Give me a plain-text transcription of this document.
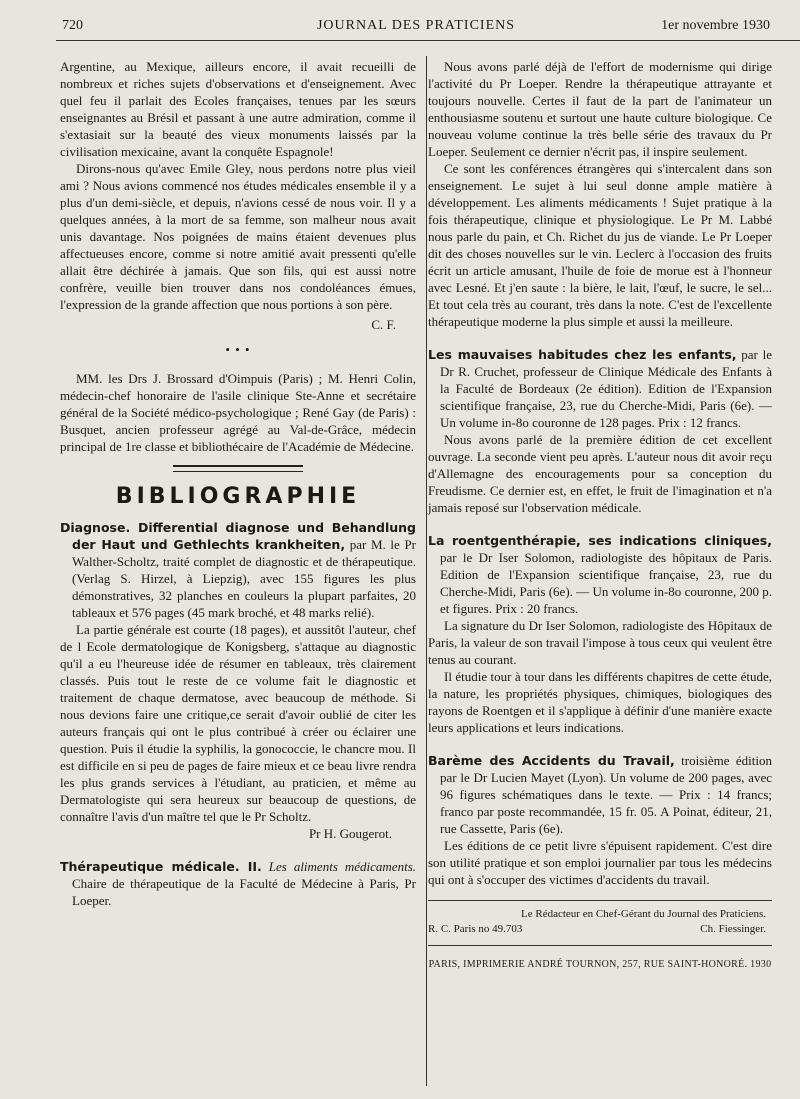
720	JOURNAL DES PRATICIENS	1er novembre 1930

Argentine, au Mexique, ailleurs encore, il avait recueilli de nombreux et riches sujets d'observations et d'enseignement. Avec quel feu il parlait des Ecoles françaises, tenues par les sœurs enseignantes au Brésil et passant à une autre admiration, comme il s'extasiait sur la beauté des vieux monuments laissés par la civilisation mexicaine, avant la conquête Espagnole!

Dirons-nous qu'avec Emile Gley, nous perdons notre plus vieil ami ? Nous avions commencé nos études médicales ensemble il y a plus d'un demi-siècle, et depuis, n'avions cessé de nous voir. Il y a quelques années, à la mort de sa femme, son malheur nous avait unis davantage. Nos poignées de mains étaient devenues plus affectueuses encore, comme si notre amitié avait pressenti qu'elle allait être déchirée à jamais. Que son fils, qui est aussi notre confrère, veuille bien trouver dans nos condoléances émues, l'expression de la grande affection que nous portions à son père.

C. F.

• • •

MM. les Drs J. Brossard d'Oimpuis (Paris) ; M. Henri Colin, médecin-chef honoraire de l'asile clinique Ste-Anne et secrétaire général de la Société médico-psychologique ; René Gay (de Paris) : Busquet, ancien professeur agrégé au Val-de-Grâce, médecin principal de 1re classe et bibliothécaire de l'Académie de Médecine.

BIBLIOGRAPHIE

Diagnose. Differential diagnose und Behandlung der Haut und Gethlechts krankheiten, par M. le Pr Walther-Scholtz, traité complet de diagnostic et de thérapeutique. (Verlag S. Hirzel, à Liepzig), avec 155 figures les plus démonstratives, 32 planches en couleurs la plupart parfaites, 20 tableaux et 576 pages (45 mark broché, et 48 marks relié).

La partie générale est courte (18 pages), et aussitôt l'auteur, chef de l Ecole dermatologique de Konigsberg, s'attaque au diagnostic qu'il a eu l'heureuse idée de résumer en tableaux, très clairement classés. Puis tout le reste de ce volume fait le diagnostic et traitement de chaque dermatose, avec beaucoup de méthode. Si nous devions faire une critique,ce serait d'avoir oublié de citer les auteurs français qui ont le plus contribué à créer ou éclairer une question. Puis il étudie la syphilis, la gonococcie, le chancre mou. Il est difficile en si peu de pages de faire mieux et ce beau livre rendra les plus grands services à l'étudiant, au praticien, et même au Dermatologiste qui sera heureux sur beaucoup de questions, de connaître l'avis d'un maître tel que le Pr Scholtz.

Pr H. Gougerot.

Thérapeutique médicale. II. Les aliments médicaments. Chaire de thérapeutique de la Faculté de Médecine à Paris, Pr Loeper.

Nous avons parlé déjà de l'effort de modernisme qui dirige l'activité du Pr Loeper. Rendre la thérapeutique attrayante et toujours nouvelle. Certes il faut de la part de l'animateur un enthousiasme soutenu et surtout une haute culture biologique. Ce nouveau volume continue la très belle série des travaux du Pr Loeper. Seulement ce dernier n'écrit pas, il inspire seulement.

Ce sont les conférences étrangères qui s'intercalent dans son enseignement. Le sujet à lui seul donne ample matière à développement. Les aliments médicaments ! Sujet pratique à la fois thérapeutique, clinique et physiologique. Le Pr M. Labbé nous parle du pain, et Ch. Richet du jus de viande. Le Pr Loeper dit des choses nouvelles sur le vin. Leclerc à l'occasion des fruits écrit un article amusant, l'huile de foie de morue est à l'honneur avec Lesné. Et j'en saute : la bière, le lait, l'œuf, le sucre, le sel... Et tout cela très au courant, très dans la note. C'est de l'excellente thérapeutique moderne la plus simple et aussi la meilleure.

Les mauvaises habitudes chez les enfants, par le Dr R. Cruchet, professeur de Clinique Médicale des Enfants à la Faculté de Bordeaux (2e édition). Edition de l'Expansion scientifique française, 23, rue du Cherche-Midi, Paris (6e). — Un volume in-8o couronne de 128 pages. Prix : 12 francs.

Nous avons parlé de la première édition de cet excellent ouvrage. La seconde vient peu après. L'auteur nous dit avoir reçu d'Allemagne des encouragements pour sa conception du Freudisme. Ce dernier est, en effet, le fruit de l'imagination et n'a jamais reposé sur l'observation médicale.

La roentgenthérapie, ses indications cliniques, par le Dr Iser Solomon, radiologiste des hôpitaux de Paris. Edition de l'Expansion scientifique française, 23, rue du Cherche-Midi, Paris (6e). — Un volume in-8o couronne, 200 p. et figures. Prix : 20 francs.

La signature du Dr Iser Solomon, radiologiste des Hôpitaux de Paris, la valeur de son travail l'impose à tous ceux qui veulent être tenus au courant.

Il étudie tour à tour dans les différents chapitres de cette étude, la nature, les propriétés physiques, chimiques, biologiques des rayons de Roentgen et il s'applique à définir d'une manière exacte leurs applications et leurs indications.

Barème des Accidents du Travail, troisième édition par le Dr Lucien Mayet (Lyon). Un volume de 200 pages, avec 96 figures schématiques dans le texte. — Prix : 14 francs; franco par poste recommandée, 15 fr. 05. A Poinat, éditeur, 21, rue Cassette, Paris (6e).

Les éditions de ce petit livre s'épuisent rapidement. C'est dire son utilité pratique et son emploi journalier par tous les médecins qui ont à s'occuper des victimes d'accidents du travail.

Le Rédacteur en Chef-Gérant du Journal des Praticiens.
R. C. Paris no 49.703	Ch. Fiessinger.
PARIS, IMPRIMERIE ANDRÉ TOURNON, 257, RUE SAINT-HONORÉ. 1930
